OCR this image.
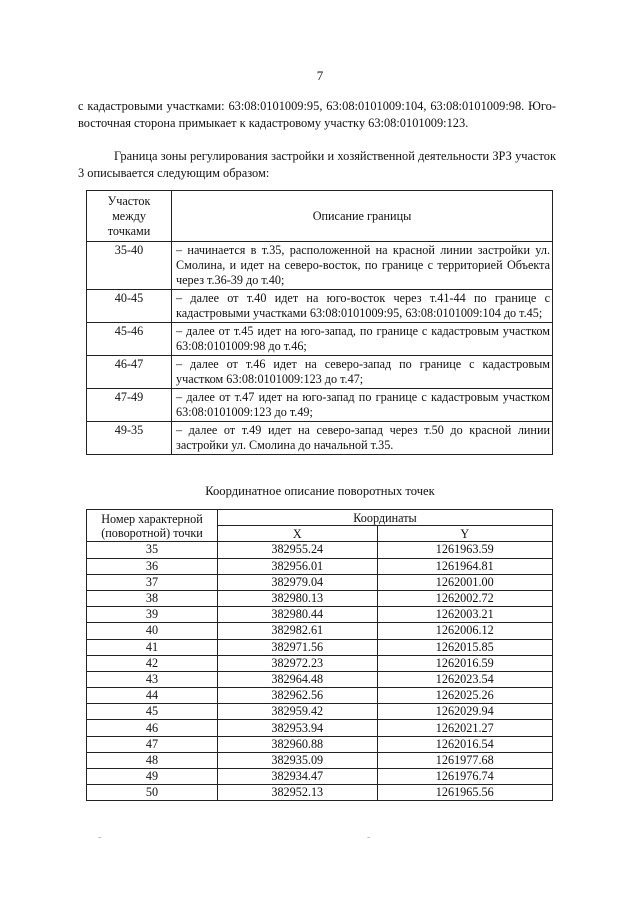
7
с кадастровыми участками: 63:08:0101009:95, 63:08:0101009:104, 63:08:0101009:98. Юго-восточная сторона примыкает к кадастровому участку 63:08:0101009:123.
Граница зоны регулирования застройки и хозяйственной деятельности ЗРЗ участок 3 описывается следующим образом:
Участок между точками	Описание границы
35-40	– начинается в т.35, расположенной на красной линии застройки ул. Смолина, и идет на северо-восток, по границе с территорией Объекта через т.36-39 до т.40;
40-45	– далее от т.40 идет на юго-восток через т.41-44 по границе с кадастровыми участками 63:08:0101009:95, 63:08:0101009:104 до т.45;
45-46	– далее от т.45 идет на юго-запад, по границе с кадастровым участком 63:08:0101009:98 до т.46;
46-47	– далее от т.46 идет на северо-запад по границе с кадастровым участком 63:08:0101009:123 до т.47;
47-49	– далее от т.47 идет на юго-запад по границе с кадастровым участком 63:08:0101009:123 до т.49;
49-35	– далее от т.49 идет на северо-запад через т.50 до красной линии застройки ул. Смолина до начальной т.35.
Координатное описание поворотных точек
Номер характерной (поворотной) точки	Координаты	
	X	Y
35	382955.24	1261963.59
36	382956.01	1261964.81
37	382979.04	1262001.00
38	382980.13	1262002.72
39	382980.44	1262003.21
40	382982.61	1262006.12
41	382971.56	1262015.85
42	382972.23	1262016.59
43	382964.48	1262023.54
44	382962.56	1262025.26
45	382959.42	1262029.94
46	382953.94	1262021.27
47	382960.88	1262016.54
48	382935.09	1261977.68
49	382934.47	1261976.74
50	382952.13	1261965.56
˜	˜
